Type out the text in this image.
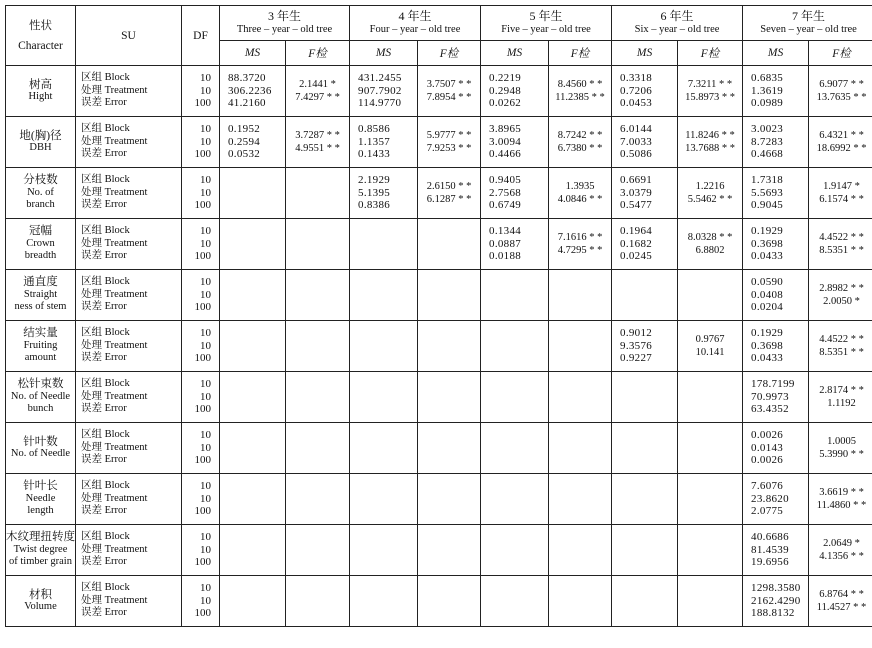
性状
Character	SU	DF	3 年生
Three – year – old tree		4 年生
Four – year – old tree		5 年生
Five – year – old tree		6 年生
Six – year – old tree		7 年生
Seven – year – old tree	

			MS	F检	MS	F检	MS	F检	MS	F检	MS	F检

树高
Hight	区组 Block
处理 Treatment
误差 Error	10
10
100	88.3720
306.2236
41.2160	2.1441 *
7.4297 * *	431.2455
907.7902
114.9770	3.7507 * *
7.8954 * *	0.2219
0.2948
0.0262	8.4560 * *
11.2385 * *	0.3318
0.7206
0.0453	7.3211 * *
15.8973 * *	0.6835
1.3619
0.0989	6.9077 * *
13.7635 * *

地(胸)径
DBH	区组 Block
处理 Treatment
误差 Error	10
10
100	0.1952
0.2594
0.0532	3.7287 * *
4.9551 * *	0.8586
1.1357
0.1433	5.9777 * *
7.9253 * *	3.8965
3.0094
0.4466	8.7242 * *
6.7380 * *	6.0144
7.0033
0.5086	11.8246 * *
13.7688 * *	3.0023
8.7283
0.4668	6.4321 * *
18.6992 * *

分枝数
No. of
branch	区组 Block
处理 Treatment
误差 Error	10
10
100			2.1929
5.1395
0.8386	2.6150 * *
6.1287 * *	0.9405
2.7568
0.6749	1.3935
4.0846 * *	0.6691
3.0379
0.5477	1.2216
5.5462 * *	1.7318
5.5693
0.9045	1.9147 *
6.1574 * *

冠幅
Crown
breadth	区组 Block
处理 Treatment
误差 Error	10
10
100					0.1344
0.0887
0.0188	7.1616 * *
4.7295 * *	0.1964
0.1682
0.0245	8.0328 * *
6.8802	0.1929
0.3698
0.0433	4.4522 * *
8.5351 * *

通直度
Straight
ness of stem	区组 Block
处理 Treatment
误差 Error	10
10
100									0.0590
0.0408
0.0204	2.8982 * *
2.0050 *

结实量
Fruiting
amount	区组 Block
处理 Treatment
误差 Error	10
10
100							0.9012
9.3576
0.9227	0.9767
10.141	0.1929
0.3698
0.0433	4.4522 * *
8.5351 * *

松针束数
No. of Needle
bunch	区组 Block
处理 Treatment
误差 Error	10
10
100									178.7199
70.9973
63.4352	2.8174 * *
1.1192

针叶数
No. of Needle	区组 Block
处理 Treatment
误差 Error	10
10
100									0.0026
0.0143
0.0026	1.0005
5.3990 * *

针叶长
Needle
length	区组 Block
处理 Treatment
误差 Error	10
10
100									7.6076
23.8620
2.0775	3.6619 * *
11.4860 * *

木纹理扭转度
Twist degree
of timber grain	区组 Block
处理 Treatment
误差 Error	10
10
100									40.6686
81.4539
19.6956	2.0649 *
4.1356 * *

材积
Volume	区组 Block
处理 Treatment
误差 Error	10
10
100									1298.3580
2162.4290
188.8132	6.8764 * *
11.4527 * *
